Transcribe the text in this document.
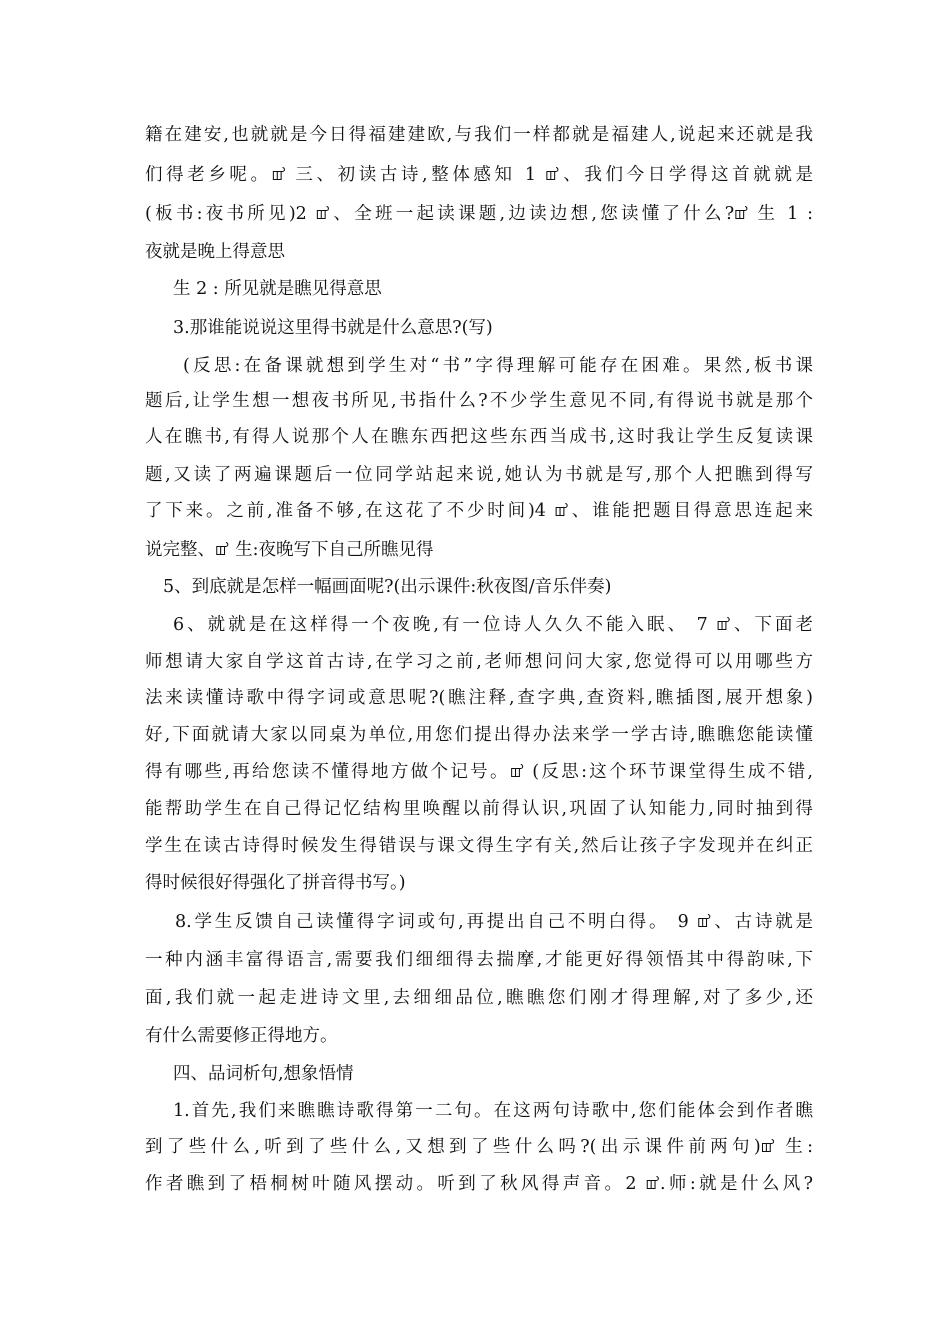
籍在建安,也就就是今日得福建建欧,与我们一样都就是福建人,说起来还就是我
们得老乡呢。ꕠ 三、初读古诗,整体感知 1 ꕠ、我们今日学得这首就就是
(板书:夜书所见)2 ꕠ、全班一起读课题,边读边想,您读懂了什么?ꕠ 生 1 :
夜就是晚上得意思
生 2 : 所见就是瞧见得意思
3.那谁能说说这里得书就是什么意思?(写)
(反思:在备课就想到学生对“书”字得理解可能存在困难。果然,板书课
题后,让学生想一想夜书所见,书指什么?不少学生意见不同,有得说书就是那个
人在瞧书,有得人说那个人在瞧东西把这些东西当成书,这时我让学生反复读课
题,又读了两遍课题后一位同学站起来说,她认为书就是写,那个人把瞧到得写
了下来。之前,准备不够,在这花了不少时间)4 ꕠ、谁能把题目得意思连起来
说完整、ꕠ 生:夜晚写下自己所瞧见得
5、到底就是怎样一幅画面呢?(出示课件:秋夜图/音乐伴奏)
6、就就是在这样得一个夜晚,有一位诗人久久不能入眠、 7 ꕠ、下面老
师想请大家自学这首古诗,在学习之前,老师想问问大家,您觉得可以用哪些方
法来读懂诗歌中得字词或意思呢?(瞧注释,查字典,查资料,瞧插图,展开想象)
好,下面就请大家以同桌为单位,用您们提出得办法来学一学古诗,瞧瞧您能读懂
得有哪些,再给您读不懂得地方做个记号。ꕠ (反思:这个环节课堂得生成不错,
能帮助学生在自己得记忆结构里唤醒以前得认识,巩固了认知能力,同时抽到得
学生在读古诗得时候发生得错误与课文得生字有关,然后让孩子字发现并在纠正
得时候很好得强化了拼音得书写。)
8.学生反馈自己读懂得字词或句,再提出自己不明白得。 9 ꕠ、古诗就是
一种内涵丰富得语言,需要我们细细得去揣摩,才能更好得领悟其中得韵味,下
面,我们就一起走进诗文里,去细细品位,瞧瞧您们刚才得理解,对了多少,还
有什么需要修正得地方。
四、品词析句,想象悟情
1.首先,我们来瞧瞧诗歌得第一二句。在这两句诗歌中,您们能体会到作者瞧
到了些什么,听到了些什么,又想到了些什么吗?(出示课件前两句)ꕠ 生:
作者瞧到了梧桐树叶随风摆动。听到了秋风得声音。2 ꕠ.师:就是什么风?
